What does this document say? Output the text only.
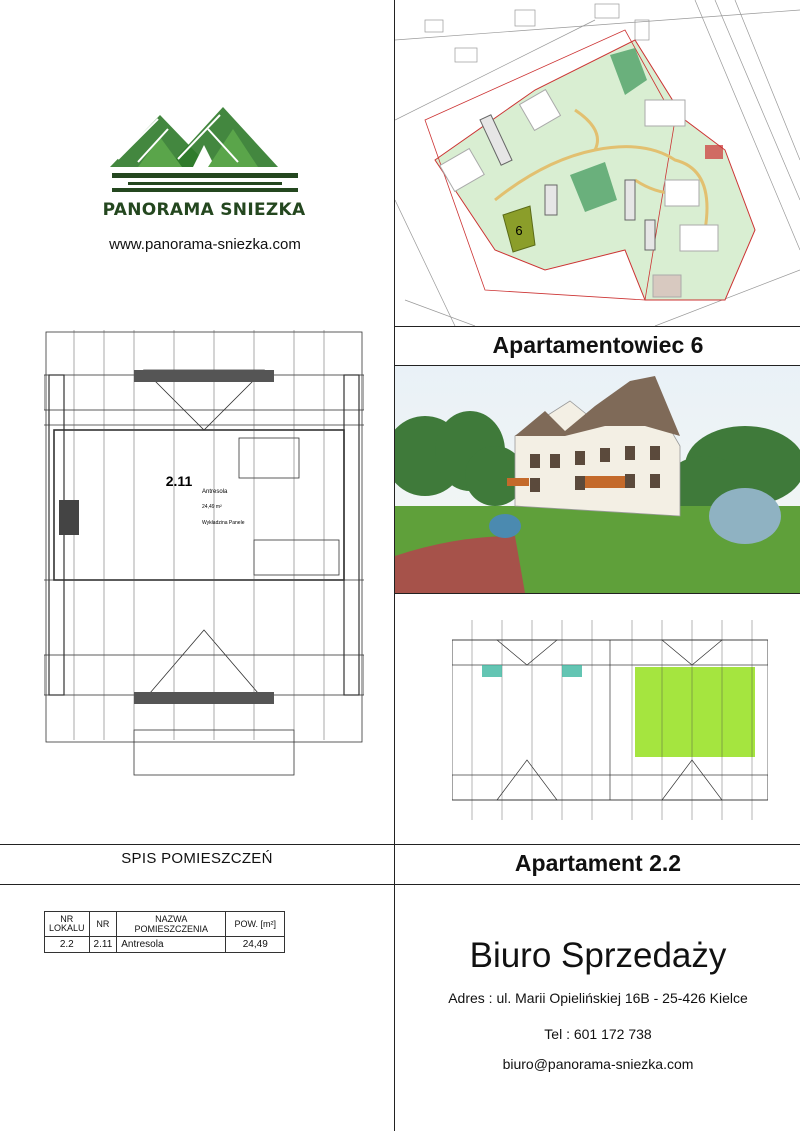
PANORAMA SNIEZKA
www.panorama-sniezka.com
6
Apartamentowiec 6
2.11
Antresola
24,49 m²
Wykładzina Panele
SPIS POMIESZCZEŃ	Apartament 2.2
NR LOKALU	NR	NAZWA POMIESZCZENIA	POW. [m²]
2.2	2.11	Antresola	24,49	Biuro Sprzedaży
Adres : ul. Marii Opielińskiej 16B - 25-426 Kielce
Tel : 601 172 738
biuro@panorama-sniezka.com
